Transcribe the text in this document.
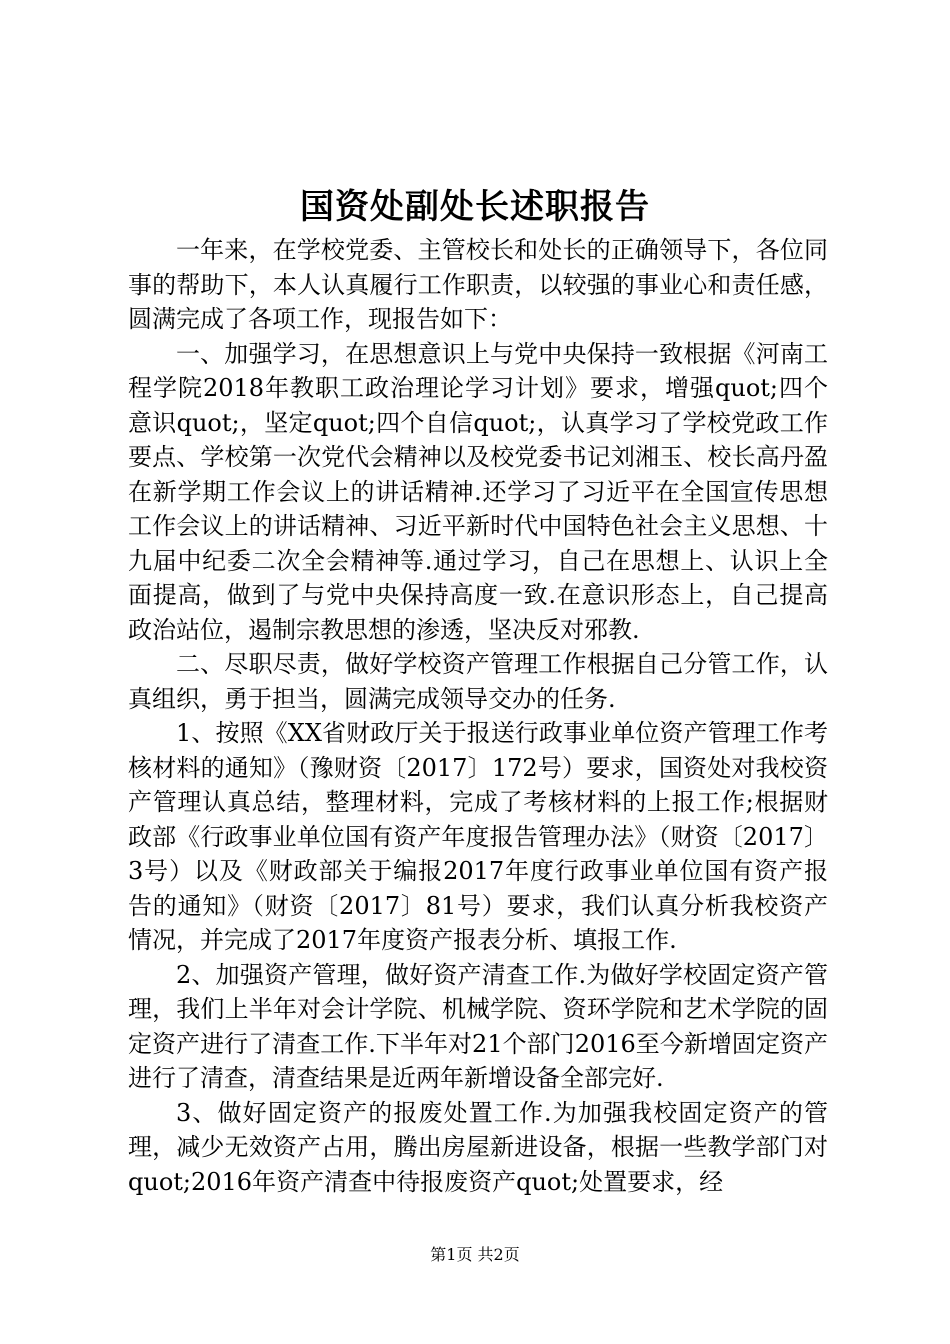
国资处副处长述职报告

一年来，在学校党委、主管校长和处长的正确领导下，各位同事的帮助下，本人认真履行工作职责，以较强的事业心和责任感，圆满完成了各项工作，现报告如下：

一、加强学习，在思想意识上与党中央保持一致根据《河南工程学院2018年教职工政治理论学习计划》要求，增强quot;四个意识quot;，坚定quot;四个自信quot;，认真学习了学校党政工作要点、学校第一次党代会精神以及校党委书记刘湘玉、校长高丹盈在新学期工作会议上的讲话精神.还学习了习近平在全国宣传思想工作会议上的讲话精神、习近平新时代中国特色社会主义思想、十九届中纪委二次全会精神等.通过学习，自己在思想上、认识上全面提高，做到了与党中央保持高度一致.在意识形态上，自己提高政治站位，遏制宗教思想的渗透，坚决反对邪教.

二、尽职尽责，做好学校资产管理工作根据自己分管工作，认真组织，勇于担当，圆满完成领导交办的任务.

1、按照《XX省财政厅关于报送行政事业单位资产管理工作考核材料的通知》（豫财资〔2017〕172号）要求，国资处对我校资产管理认真总结，整理材料，完成了考核材料的上报工作;根据财政部《行政事业单位国有资产年度报告管理办法》（财资〔2017〕3号）以及《财政部关于编报2017年度行政事业单位国有资产报告的通知》（财资〔2017〕81号）要求，我们认真分析我校资产情况，并完成了2017年度资产报表分析、填报工作.

2、加强资产管理，做好资产清查工作.为做好学校固定资产管理，我们上半年对会计学院、机械学院、资环学院和艺术学院的固定资产进行了清查工作.下半年对21个部门2016至今新增固定资产进行了清查，清查结果是近两年新增设备全部完好.

3、做好固定资产的报废处置工作.为加强我校固定资产的管理，减少无效资产占用，腾出房屋新进设备，根据一些教学部门对quot;2016年资产清查中待报废资产quot;处置要求，经

第1页 共2页
